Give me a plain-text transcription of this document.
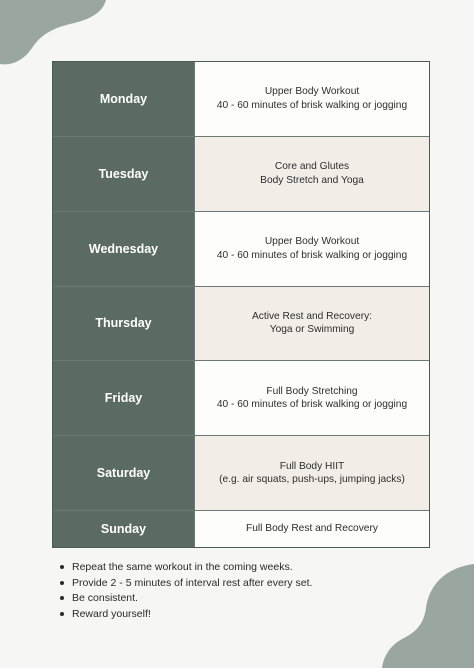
Monday	Upper Body Workout
40 - 60 minutes of brisk walking or jogging
Tuesday	Core and Glutes
Body Stretch and Yoga
Wednesday	Upper Body Workout
40 - 60 minutes of brisk walking or jogging
Thursday	Active Rest and Recovery:
Yoga or Swimming
Friday	Full Body Stretching
40 - 60 minutes of brisk walking or jogging
Saturday	Full Body HIIT
(e.g. air squats, push-ups, jumping jacks)
Sunday	Full Body Rest and Recovery
Repeat the same workout in the coming weeks.
Provide 2 - 5 minutes of interval rest after every set.
Be consistent.
Reward yourself!
